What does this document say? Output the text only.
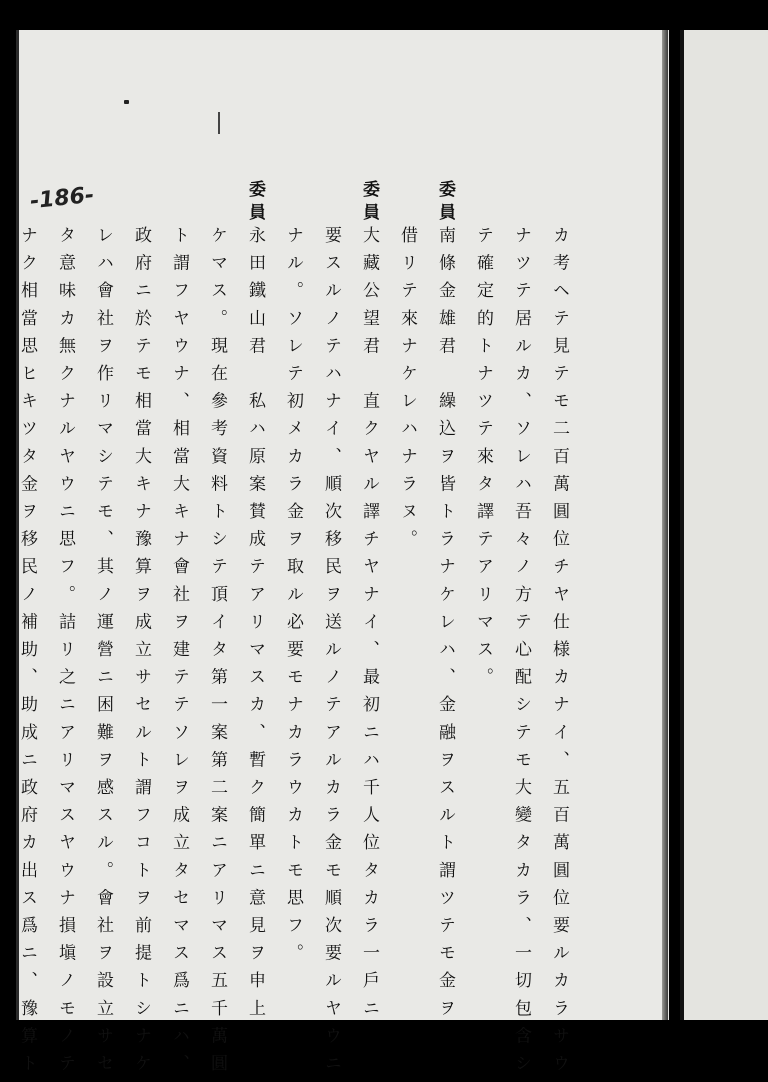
-186-
カ考ヘテ見テモ二百萬圓位チヤ仕様カナイ、五百萬圓位要ルカラサウ
ナツテ居ルカ、ソレハ吾々ノ方テ心配シテモ大變タカラ、一切包含シ
テ確定的トナツテ來タ譯テアリマス。
委員
南條金雄君　繰込ヲ皆トラナケレハ、金融ヲスルト謂ツテモ金ヲ
借リテ來ナケレハナラヌ。
委員
大藏公望君　直クヤル譯チヤナイ、最初ニハ千人位タカラ一戶ニ
要スルノテハナイ、順次移民ヲ送ルノテアルカラ金モ順次要ルヤウニ
ナル。ソレテ初メカラ金ヲ取ル必要モナカラウカトモ思フ。
委員
永田鐵山君　私ハ原案賛成テアリマスカ、暫ク簡單ニ意見ヲ申上
ケマス。現在參考資料トシテ頂イタ第一案第二案ニアリマス五千萬圓
ト謂フヤウナ、相當大キナ會社ヲ建テテソレヲ成立タセマス爲ニハ、
政府ニ於テモ相當大キナ豫算ヲ成立サセルト謂フコトヲ前提トシナケ
レハ會社ヲ作リマシテモ、其ノ運營ニ困難ヲ感スル。會社ヲ設立サセ
タ意味カ無クナルヤウニ思フ。詰リ之ニアリマスヤウナ損塡ノモノテ
ナク相當思ヒキツタ金ヲ移民ノ補助、助成ニ政府カ出ス爲ニ、豫算ト
